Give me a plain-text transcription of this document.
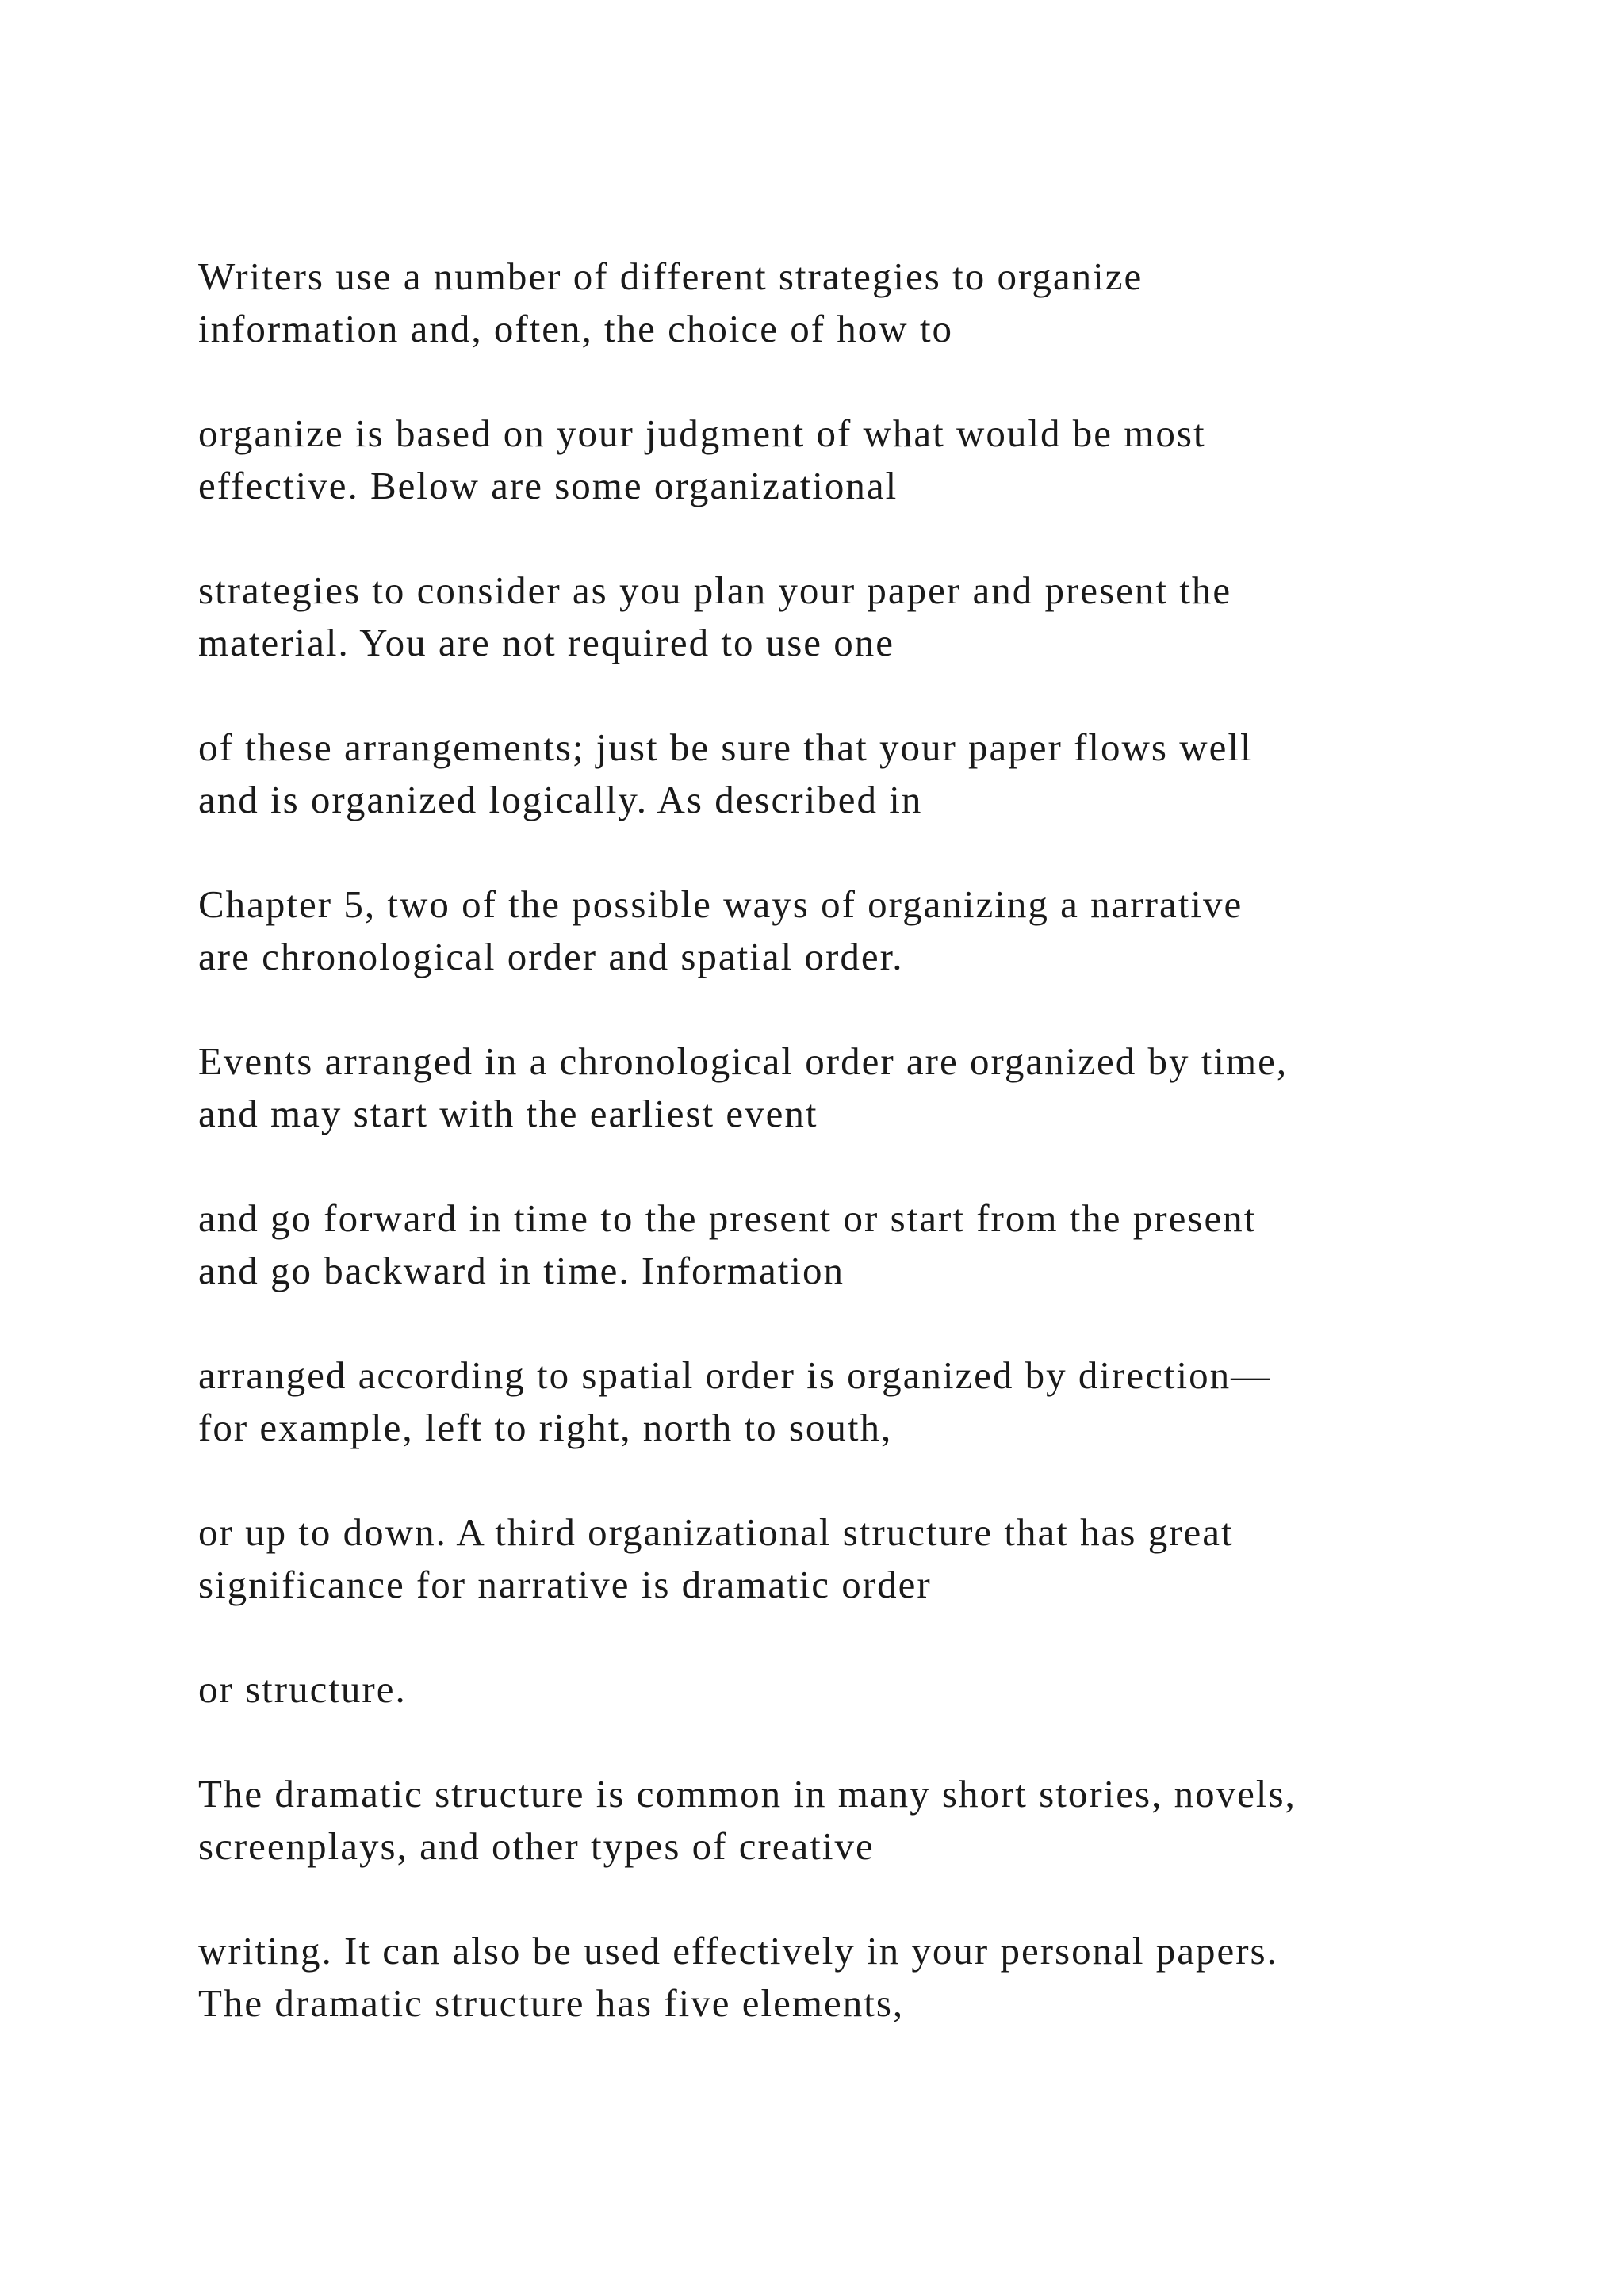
Writers use a number of different strategies to organize
information and, often, the choice of how to

organize is based on your judgment of what would be most
effective. Below are some organizational

strategies to consider as you plan your paper and present the
material. You are not required to use one

of these arrangements; just be sure that your paper flows well
and is organized logically. As described in

Chapter 5, two of the possible ways of organizing a narrative
are chronological order and spatial order.

Events arranged in a chronological order are organized by time,
and may start with the earliest event

and go forward in time to the present or start from the present
and go backward in time. Information

arranged according to spatial order is organized by direction—
for example, left to right, north to south,

or up to down. A third organizational structure that has great
significance for narrative is dramatic order

or structure.

The dramatic structure is common in many short stories, novels,
screenplays, and other types of creative

writing. It can also be used effectively in your personal papers.
The dramatic structure has five elements,
